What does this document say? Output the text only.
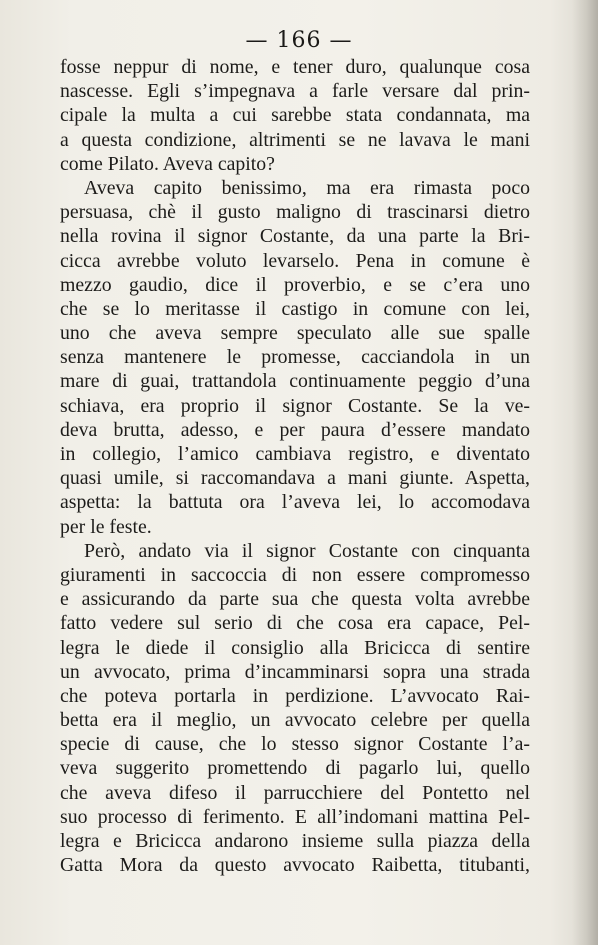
— 166 —
fosse neppur di nome, e tener duro, qualunque cosa
nascesse. Egli s’impegnava a farle versare dal prin-
cipale la multa a cui sarebbe stata condannata, ma
a questa condizione, altrimenti se ne lavava le mani
come Pilato. Aveva capito?
Aveva capito benissimo, ma era rimasta poco
persuasa, chè il gusto maligno di trascinarsi dietro
nella rovina il signor Costante, da una parte la Bri-
cicca avrebbe voluto levarselo. Pena in comune è
mezzo gaudio, dice il proverbio, e se c’era uno
che se lo meritasse il castigo in comune con lei,
uno che aveva sempre speculato alle sue spalle
senza mantenere le promesse, cacciandola in un
mare di guai, trattandola continuamente peggio d’una
schiava, era proprio il signor Costante. Se la ve-
deva brutta, adesso, e per paura d’essere mandato
in collegio, l’amico cambiava registro, e diventato
quasi umile, si raccomandava a mani giunte. Aspetta,
aspetta: la battuta ora l’aveva lei, lo accomodava
per le feste.
Però, andato via il signor Costante con cinquanta
giuramenti in saccoccia di non essere compromesso
e assicurando da parte sua che questa volta avrebbe
fatto vedere sul serio di che cosa era capace, Pel-
legra le diede il consiglio alla Bricicca di sentire
un avvocato, prima d’incamminarsi sopra una strada
che poteva portarla in perdizione. L’avvocato Rai-
betta era il meglio, un avvocato celebre per quella
specie di cause, che lo stesso signor Costante l’a-
veva suggerito promettendo di pagarlo lui, quello
che aveva difeso il parrucchiere del Pontetto nel
suo processo di ferimento. E all’indomani mattina Pel-
legra e Bricicca andarono insieme sulla piazza della
Gatta Mora da questo avvocato Raibetta, titubanti,
